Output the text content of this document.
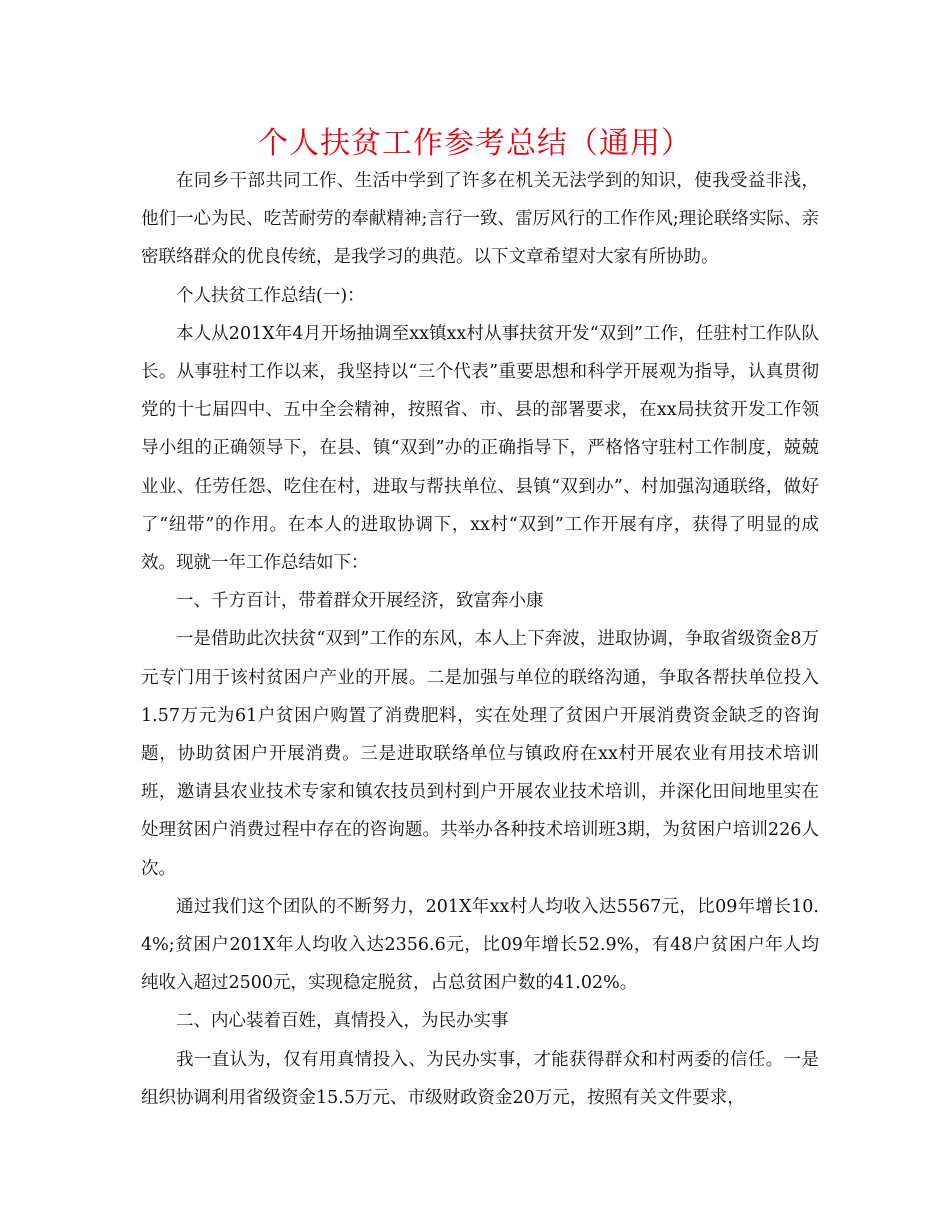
个人扶贫工作参考总结（通用）

在同乡干部共同工作、生活中学到了许多在机关无法学到的知识，使我受益非浅，他们一心为民、吃苦耐劳的奉献精神;言行一致、雷厉风行的工作作风;理论联络实际、亲密联络群众的优良传统，是我学习的典范。以下文章希望对大家有所协助。

个人扶贫工作总结(一)：

本人从201X年4月开场抽调至xx镇xx村从事扶贫开发“双到”工作，任驻村工作队队长。从事驻村工作以来，我坚持以“三个代表”重要思想和科学开展观为指导，认真贯彻党的十七届四中、五中全会精神，按照省、市、县的部署要求，在xx局扶贫开发工作领导小组的正确领导下，在县、镇“双到”办的正确指导下，严格恪守驻村工作制度，兢兢业业、任劳任怨、吃住在村，进取与帮扶单位、县镇“双到办”、村加强沟通联络，做好了“纽带”的作用。在本人的进取协调下，xx村“双到”工作开展有序，获得了明显的成效。现就一年工作总结如下：

一、千方百计，带着群众开展经济，致富奔小康

一是借助此次扶贫“双到”工作的东风，本人上下奔波，进取协调，争取省级资金8万元专门用于该村贫困户产业的开展。二是加强与单位的联络沟通，争取各帮扶单位投入1.57万元为61户贫困户购置了消费肥料，实在处理了贫困户开展消费资金缺乏的咨询题，协助贫困户开展消费。三是进取联络单位与镇政府在xx村开展农业有用技术培训班，邀请县农业技术专家和镇农技员到村到户开展农业技术培训，并深化田间地里实在处理贫困户消费过程中存在的咨询题。共举办各种技术培训班3期，为贫困户培训226人次。

通过我们这个团队的不断努力，201X年xx村人均收入达5567元，比09年增长10.4%;贫困户201X年人均收入达2356.6元，比09年增长52.9%，有48户贫困户年人均纯收入超过2500元，实现稳定脱贫，占总贫困户数的41.02%。

二、内心装着百姓，真情投入，为民办实事

我一直认为，仅有用真情投入、为民办实事，才能获得群众和村两委的信任。一是组织协调利用省级资金15.5万元、市级财政资金20万元，按照有关文件要求，
